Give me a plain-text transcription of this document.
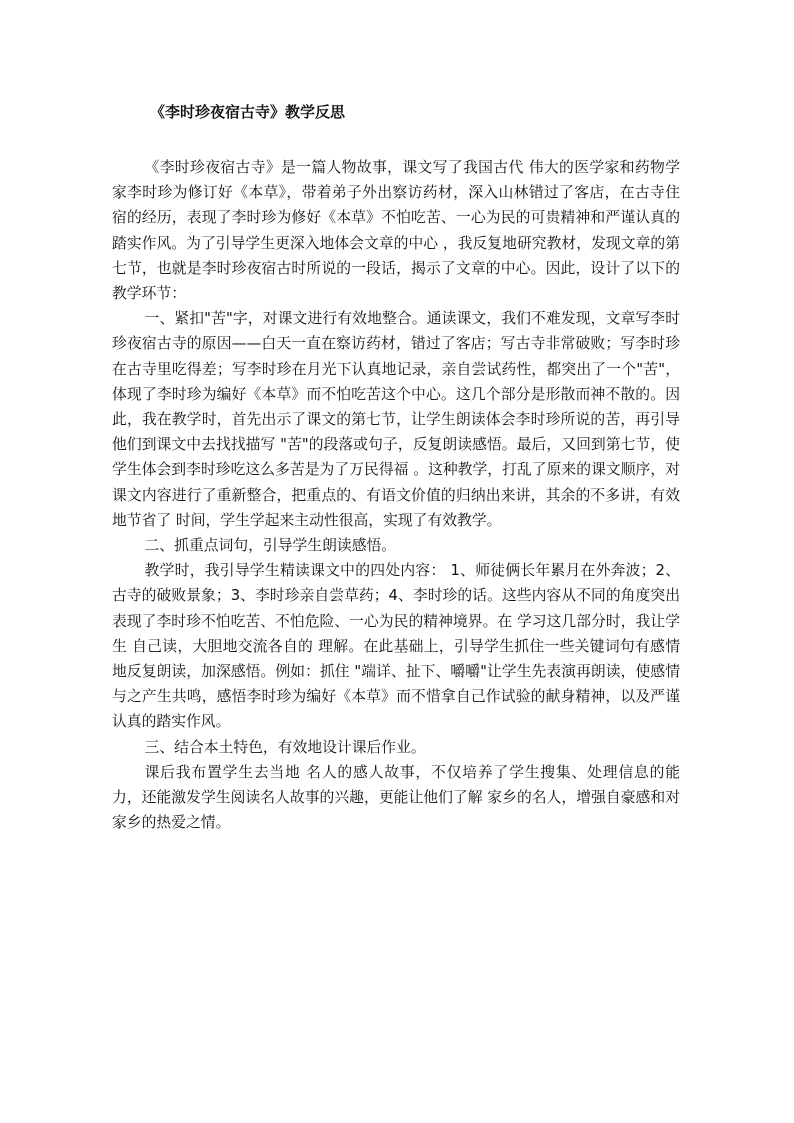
《李时珍夜宿古寺》教学反思

《李时珍夜宿古寺》是一篇人物故事，课文写了我国古代 伟大的医学家和药物学家李时珍为修订好《本草》，带着弟子外出察访药材，深入山林错过了客店，在古寺住宿的经历，表现了李时珍为修好《本草》不怕吃苦、一心为民的可贵精神和严谨认真的踏实作风。为了引导学生更深入地体会文章的中心 ，我反复地研究教材，发现文章的第七节，也就是李时珍夜宿古时所说的一段话，揭示了文章的中心。因此，设计了以下的教学环节：

一、紧扣"苦"字，对课文进行有效地整合。通读课文，我们不难发现，文章写李时珍夜宿古寺的原因——白天一直在察访药材，错过了客店；写古寺非常破败；写李时珍在古寺里吃得差；写李时珍在月光下认真地记录，亲自尝试药性，都突出了一个"苦"，体现了李时珍为编好《本草》而不怕吃苦这个中心。这几个部分是形散而神不散的。因此，我在教学时，首先出示了课文的第七节，让学生朗读体会李时珍所说的苦，再引导他们到课文中去找找描写 "苦"的段落或句子，反复朗读感悟。最后，又回到第七节，使学生体会到李时珍吃这么多苦是为了万民得福 。这种教学，打乱了原来的课文顺序，对课文内容进行了重新整合，把重点的、有语文价值的归纳出来讲，其余的不多讲，有效地节省了 时间，学生学起来主动性很高，实现了有效教学。

二、抓重点词句，引导学生朗读感悟。

教学时，我引导学生精读课文中的四处内容： 1、师徒俩长年累月在外奔波；2、古寺的破败景象；3、李时珍亲自尝草药；4、李时珍的话。这些内容从不同的角度突出表现了李时珍不怕吃苦、不怕危险、一心为民的精神境界。在 学习这几部分时，我让学生 自己读，大胆地交流各自的 理解。在此基础上，引导学生抓住一些关键词句有感情地反复朗读，加深感悟。例如：抓住 "端详、扯下、嚼嚼"让学生先表演再朗读，使感情与之产生共鸣，感悟李时珍为编好《本草》而不惜拿自己作试验的献身精神，以及严谨认真的踏实作风。

三、结合本土特色，有效地设计课后作业。

课后我布置学生去当地 名人的感人故事，不仅培养了学生搜集、处理信息的能力，还能激发学生阅读名人故事的兴趣，更能让他们了解 家乡的名人，增强自豪感和对家乡的热爱之情。
